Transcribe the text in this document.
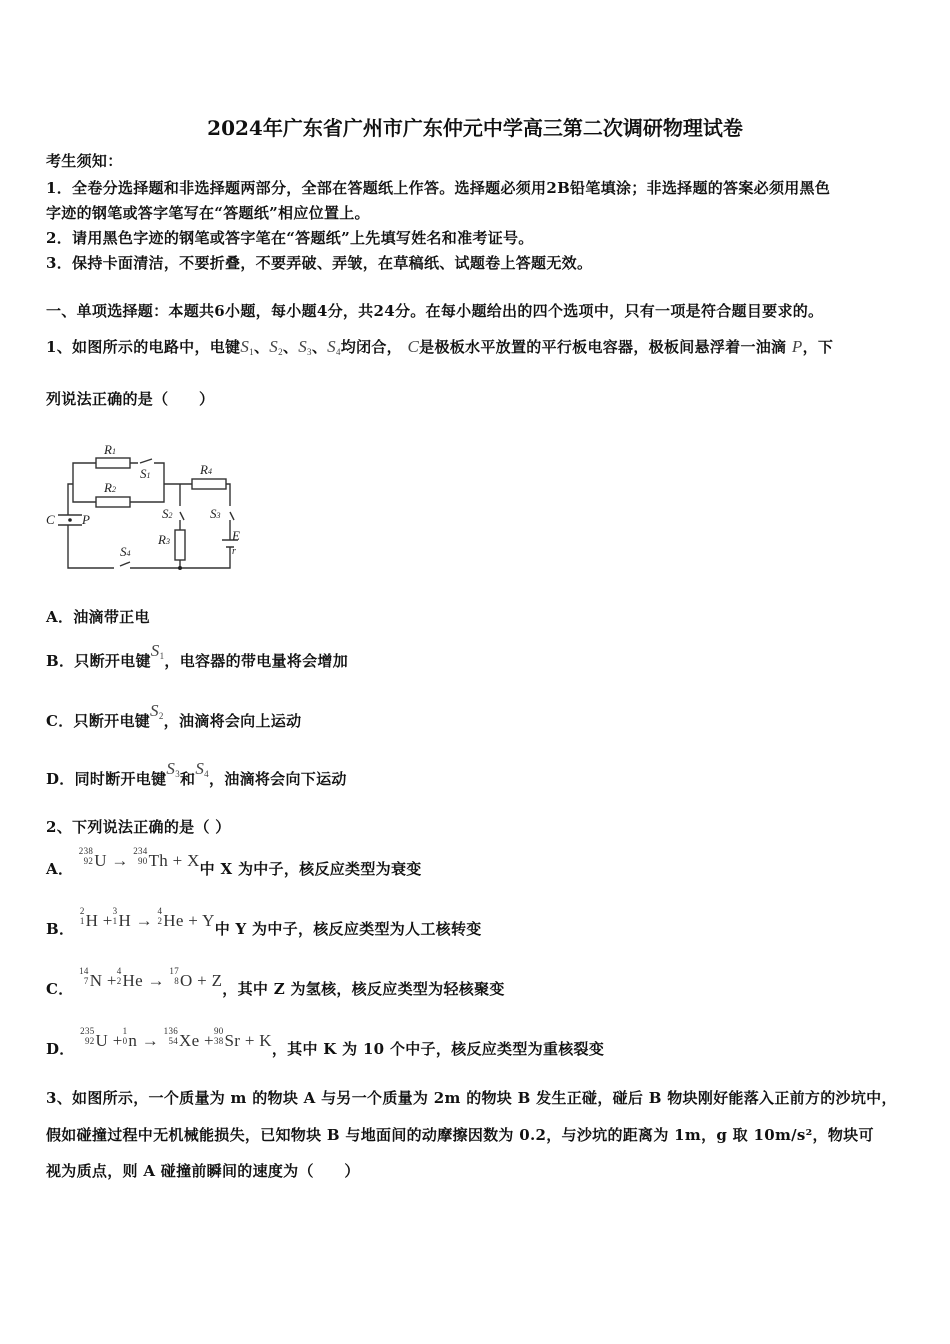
2024年广东省广州市广东仲元中学高三第二次调研物理试卷
考生须知：
1．全卷分选择题和非选择题两部分，全部在答题纸上作答。选择题必须用2B铅笔填涂；非选择题的答案必须用黑色
字迹的钢笔或答字笔写在“答题纸”相应位置上。
2．请用黑色字迹的钢笔或答字笔在“答题纸”上先填写姓名和准考证号。
3．保持卡面清洁，不要折叠，不要弄破、弄皱，在草稿纸、试题卷上答题无效。
一、单项选择题：本题共6小题，每小题4分，共24分。在每小题给出的四个选项中，只有一项是符合题目要求的。
1、如图所示的电路中，电键S1、S2、S3、S4均闭合， C是极板水平放置的平行板电容器，极板间悬浮着一油滴 P，下
列说法正确的是（　　）
R1
S1
R2
R4
S2	S3
R3	E
r
C P
S4
A．油滴带正电
B．只断开电键S1，电容器的带电量将会增加
C．只断开电键S2，油滴将会向上运动
D．同时断开电键S3和S4，油滴将会向下运动
2、下列说法正确的是（ ）
A．
238
92 U → 234
90 Th + X中 X 为中子，核反应类型为衰变
B．
2
1 H + 3
1 H → 4
2 He + Y中 Y 为中子，核反应类型为人工核转变
C．
14
7 N + 4
2 He → 17
8 O + Z，其中 Z 为氢核，核反应类型为轻核聚变
D．
235
92 U + 1
0 n → 136
54 Xe + 90
38 Sr + K，其中 K 为 10 个中子，核反应类型为重核裂变
3、如图所示，一个质量为 m 的物块 A 与另一个质量为 2m 的物块 B 发生正碰，碰后 B 物块刚好能落入正前方的沙坑中，
假如碰撞过程中无机械能损失，已知物块 B 与地面间的动摩擦因数为 0.2，与沙坑的距离为 1m，g 取 10m/s²，物块可
视为质点，则 A 碰撞前瞬间的速度为（　　）
